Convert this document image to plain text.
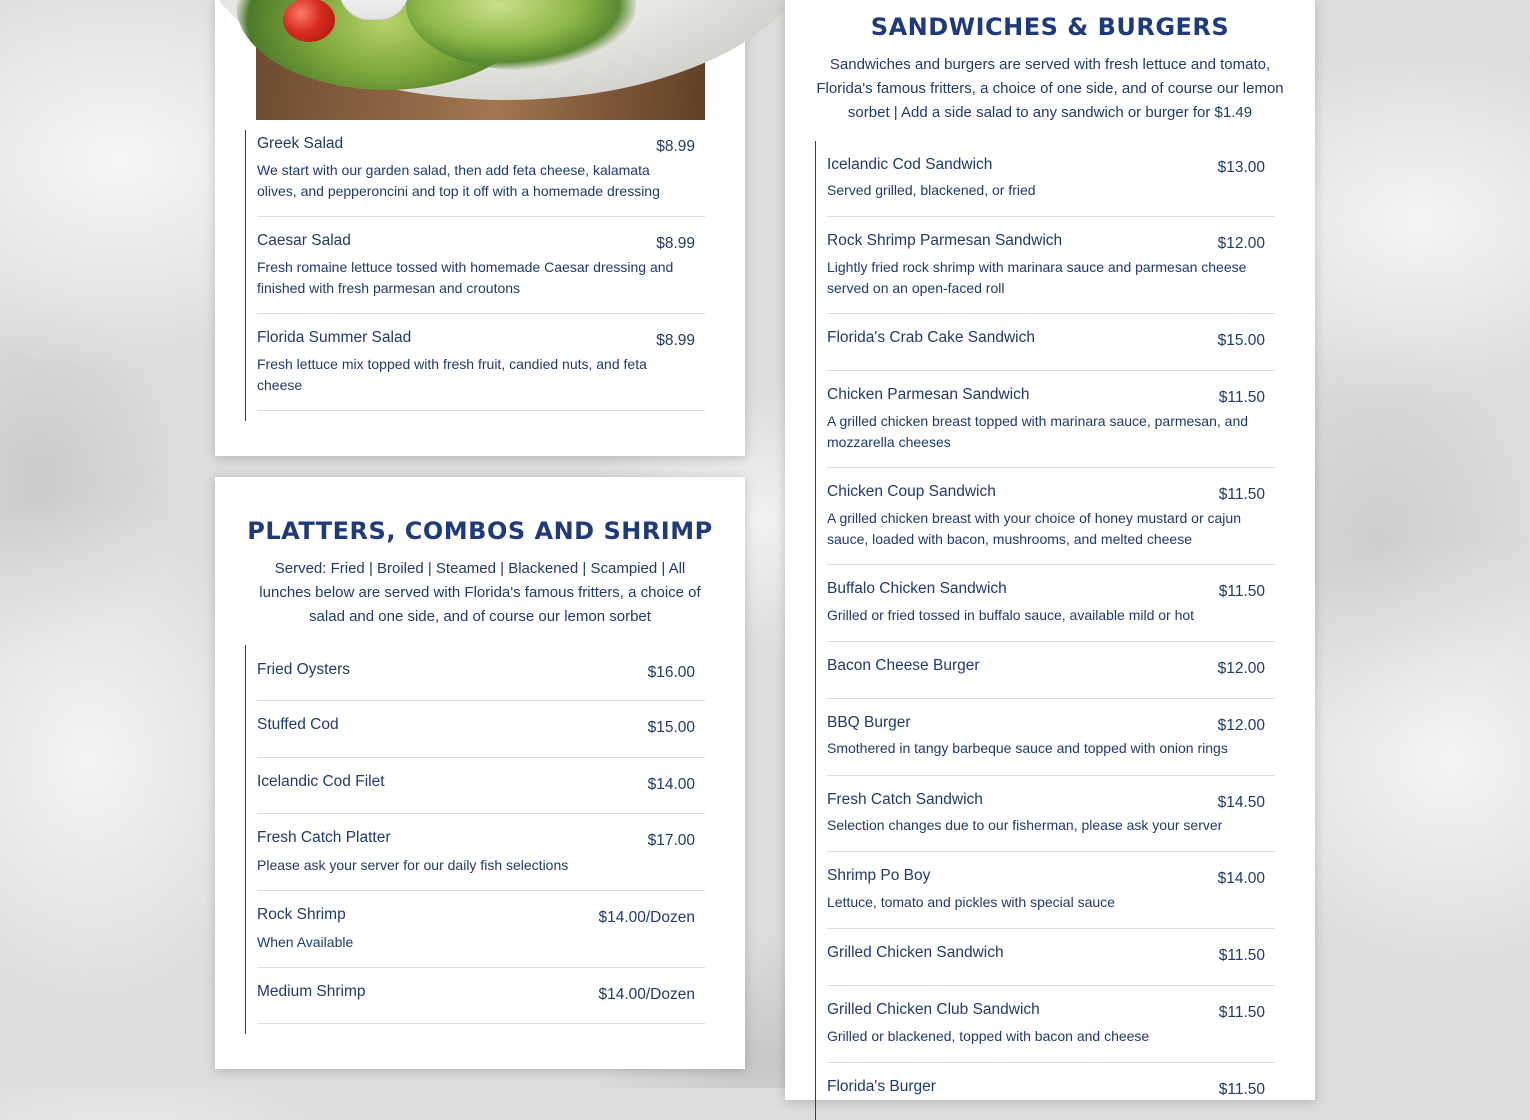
Greek Salad	$8.99
We start with our garden salad, then add feta cheese, kalamata olives, and pepperoncini and top it off with a homemade dressing
Caesar Salad	$8.99
Fresh romaine lettuce tossed with homemade Caesar dressing and finished with fresh parmesan and croutons
Florida Summer Salad	$8.99
Fresh lettuce mix topped with fresh fruit, candied nuts, and feta cheese
PLATTERS, COMBOS AND SHRIMP
Served: Fried | Broiled | Steamed | Blackened | Scampied | All lunches below are served with Florida's famous fritters, a choice of salad and one side, and of course our lemon sorbet
Fried Oysters	$16.00
Stuffed Cod	$15.00
Icelandic Cod Filet	$14.00
Fresh Catch Platter	$17.00
Please ask your server for our daily fish selections
Rock Shrimp	$14.00/Dozen
When Available
Medium Shrimp	$14.00/Dozen
SANDWICHES & BURGERS
Sandwiches and burgers are served with fresh lettuce and tomato, Florida's famous fritters, a choice of one side, and of course our lemon sorbet | Add a side salad to any sandwich or burger for $1.49
Icelandic Cod Sandwich	$13.00
Served grilled, blackened, or fried
Rock Shrimp Parmesan Sandwich	$12.00
Lightly fried rock shrimp with marinara sauce and parmesan cheese served on an open-faced roll
Florida's Crab Cake Sandwich	$15.00
Chicken Parmesan Sandwich	$11.50
A grilled chicken breast topped with marinara sauce, parmesan, and mozzarella cheeses
Chicken Coup Sandwich	$11.50
A grilled chicken breast with your choice of honey mustard or cajun sauce, loaded with bacon, mushrooms, and melted cheese
Buffalo Chicken Sandwich	$11.50
Grilled or fried tossed in buffalo sauce, available mild or hot
Bacon Cheese Burger	$12.00
BBQ Burger	$12.00
Smothered in tangy barbeque sauce and topped with onion rings
Fresh Catch Sandwich	$14.50
Selection changes due to our fisherman, please ask your server
Shrimp Po Boy	$14.00
Lettuce, tomato and pickles with special sauce
Grilled Chicken Sandwich	$11.50
Grilled Chicken Club Sandwich	$11.50
Grilled or blackened, topped with bacon and cheese
Florida's Burger	$11.50
